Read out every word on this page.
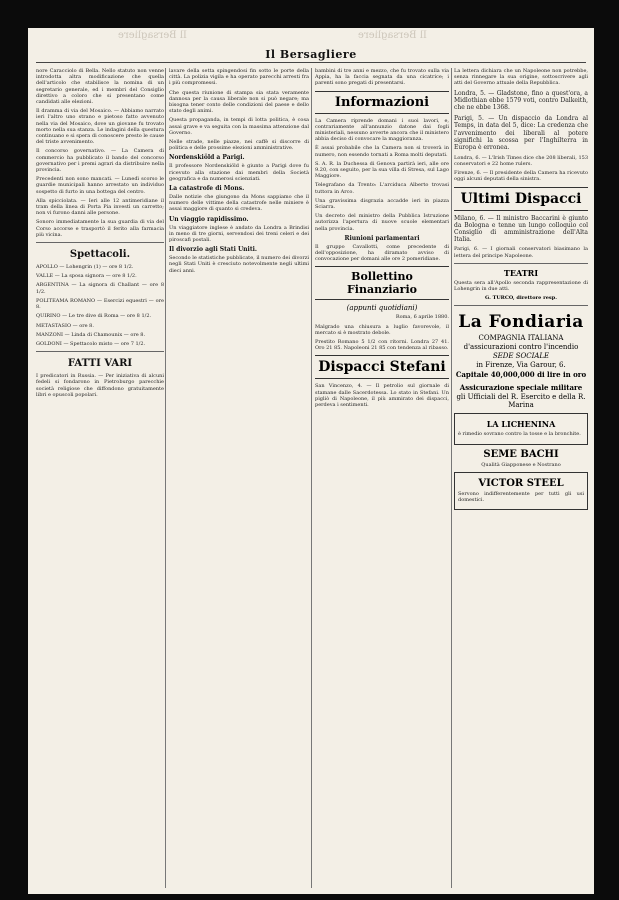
Il Bersagliere	Il Bersagliere
Il Bersagliere

nore Caracciolo di Bella. Nello statuto non venne introdotta altra modificazione che quella dell'articolo che stabilisce la nomina di un segretario generale, ed i membri del Consiglio direttivo a coloro che si presentano come candidati alle elezioni.

Il dramma di via del Mosaico. — Abbiamo narrato ieri l'altro uno strano e pietoso fatto avvenuto nella via del Mosaico, dove un giovane fu trovato morto nella sua stanza. Le indagini della questura continuano e si spera di conoscere presto le cause del triste avvenimento.

Il concorso governativo. — La Camera di commercio ha pubblicato il bando del concorso governativo per i premi agrari da distribuire nella provincia.

Precedenti non sono mancati. — Lunedì scorso le guardie municipali hanno arrestato un individuo sospetto di furto in una bottega del centro.

Alla spicciolata. — Ieri alle 12 antimeridiane il tram della linea di Porta Pia investì un carretto; non vi furono danni alle persone.

Sonoro immediatamente la sua guardia di via del Corso accorse e trasportò il ferito alla farmacia più vicina.

Spettacoli.

APOLLO — Lohengrin (1) — ore 8 1/2.

VALLE — La sposa signora — ore 8 1/2.

ARGENTINA — La signora di Challant — ore 8 1/2.

POLITEAMA ROMANO — Esercizi equestri — ore 8.

QUIRINO — Le tre dive di Roma — ore 8 1/2.

METASTASIO — ore 8.

MANZONI — Linda di Chamounix — ore 8.

GOLDONI — Spettacolo misto — ore 7 1/2.

FATTI VARI

I predicatori in Russia. — Per iniziativa di alcuni fedeli si fondarono in Pietroburgo parecchie società religiose che diffondono gratuitamente libri e opuscoli popolari.

lavare della setta spingendosi fin sotto le porte della città. La polizia vigila e ha operato parecchi arresti fra i più compromessi.

Che questa riunione di stampa sia stata veramente dannosa per la causa liberale non si può negare; ma bisogna tener conto delle condizioni del paese e dello stato degli animi.

Questa propaganda, in tempi di lotta politica, è cosa assai grave e va seguita con la massima attenzione dal Governo.

Nelle strade, nelle piazze, nei caffè si discorre di politica e delle prossime elezioni amministrative.

Nordenskiöld a Parigi.

Il professore Nordenskiöld è giunto a Parigi dove fu ricevuto alla stazione dai membri della Società geografica e da numerosi scienziati.

La catastrofe di Mons.

Dalle notizie che giungono da Mons sappiamo che il numero delle vittime della catastrofe nelle miniere è assai maggiore di quanto si credeva.

Un viaggio rapidissimo.

Un viaggiatore inglese è andato da Londra a Brindisi in meno di tre giorni, servendosi dei treni celeri e dei piroscafi postali.

Il divorzio agli Stati Uniti.

Secondo le statistiche pubblicate, il numero dei divorzi negli Stati Uniti è cresciuto notevolmente negli ultimi dieci anni.

bambini di tre anni e mezzo, che fu trovato sulla via Appia, ha la faccia segnata da una cicatrice; i parenti sono pregati di presentarsi.

Informazioni

La Camera riprende domani i suoi lavori, e, contrariamente all'annunzio datone dai fogli ministeriali, nessuno avverte ancora che il ministero abbia deciso di convocare la maggioranza.

È assai probabile che la Camera non si troverà in numero, non essendo tornati a Roma molti deputati.

S. A. R. la Duchessa di Genova partirà ieri, alle ore 9.20, con seguito, per la sua villa di Stresa, sul Lago Maggiore.

Telegrafano da Trento: L'arciduca Alberto trovasi tuttora in Arco.

Una gravissima disgrazia accadde ieri in piazza Sciarra.

Un decreto del ministro della Pubblica Istruzione autorizza l'apertura di nuove scuole elementari nella provincia.

Riunioni parlamentari

Il gruppo Cavallotti, come precedente di dell'opposizione, ha diramato avviso di convocazione per domani alle ore 2 pomeridiane.

Bollettino Finanziario
(appunti quotidiani)

Roma, 6 aprile 1880.

Malgrado una chiusura a luglio favorevole, il mercato si è mostrato debole.

Prestito Romano 5 1/2 con ritorni. Londra 27 41. Oro 21 85. Napoleoni 21 85 con tendenza al ribasso.

Dispacci Stefani

San Vincenzo, 4. — Il petrolio sul giornale di stamane dalle Sacerdotessa. Lo stato in Stefani. Un pigliò di Napoleone, il più ammirato dei dispacci, perdeva i sentimenti.

La lettera dichiara che un Napoleone non potrebbe, senza rinnegare la sua origine, sottoscrivere agli atti del Governo attuale della Repubblica.

Londra, 5. — Gladstone, fino a quest'ora, a Midlothian ebbe 1579 voti, contro Dalkeith, che ne ebbe 1368.

Parigi, 5. — Un dispaccio da Londra al Temps, in data del 5, dice: La credenza che l'avvenimento dei liberali al potere significhi la scossa per l'Inghilterra in Europa è erronea.

Londra, 6. — L'Irish Times dice che 208 liberali, 153 conservatori e 22 home rulers.

Firenze, 6. — Il presidente della Camera ha ricevuto oggi alcuni deputati della sinistra.

Ultimi Dispacci

Milano, 6. — Il ministro Baccarini è giunto da Bologna e tenne un lungo colloquio col Consiglio di amministrazione dell'Alta Italia.

Parigi, 6. — I giornali conservatori biasimano la lettera del principe Napoleone.

TEATRI

Questa sera all'Apollo seconda rappresentazione di Lohengrin in due atti.

G. TURCO, direttore resp.
La Fondiaria
COMPAGNIA ITALIANA
d'assicurazioni contro l'incendio
SEDE SOCIALE
in Firenze, Via Garour, 6.
Capitale 40,000,000 di lire in oro
Assicurazione speciale militare
gli Ufficiali del R. Esercito e della R. Marina
LA LICHENINA

è rimedio sovrano contro la tosse e la bronchite.

SEME BACHI

Qualità Giapponese e Nostrano

VICTOR STEEL

Servono indifferentemente per tutti gli usi domestici.
